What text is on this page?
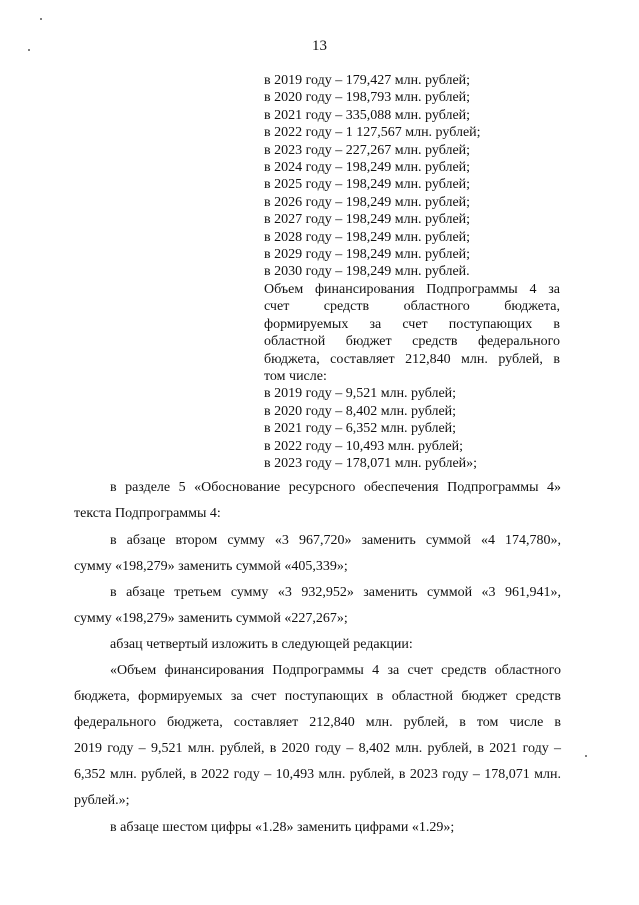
13
в 2019 году – 179,427 млн. рублей;
в 2020 году – 198,793 млн. рублей;
в 2021 году – 335,088 млн. рублей;
в 2022 году – 1 127,567 млн. рублей;
в 2023 году – 227,267 млн. рублей;
в 2024 году – 198,249 млн. рублей;
в 2025 году – 198,249 млн. рублей;
в 2026 году – 198,249 млн. рублей;
в 2027 году – 198,249 млн. рублей;
в 2028 году – 198,249 млн. рублей;
в 2029 году – 198,249 млн. рублей;
в 2030 году – 198,249 млн. рублей.
Объем финансирования Подпрограммы 4 за
счет средств областного бюджета,
формируемых за счет поступающих в
областной бюджет средств федерального
бюджета, составляет 212,840 млн. рублей, в
том числе:
в 2019 году – 9,521 млн. рублей;
в 2020 году – 8,402 млн. рублей;
в 2021 году – 6,352 млн. рублей;
в 2022 году – 10,493 млн. рублей;
в 2023 году – 178,071 млн. рублей»;
в разделе 5 «Обоснование ресурсного обеспечения Подпрограммы 4»
текста Подпрограммы 4:
в абзаце втором сумму «3 967,720» заменить суммой «4 174,780»,
сумму «198,279» заменить суммой «405,339»;
в абзаце третьем сумму «3 932,952» заменить суммой «3 961,941»,
сумму «198,279» заменить суммой «227,267»;
абзац четвертый изложить в следующей редакции:
«Объем финансирования Подпрограммы 4 за счет средств областного
бюджета, формируемых за счет поступающих в областной бюджет средств
федерального бюджета, составляет 212,840 млн. рублей, в том числе в
2019 году – 9,521 млн. рублей, в 2020 году – 8,402 млн. рублей, в 2021 году –
6,352 млн. рублей, в 2022 году – 10,493 млн. рублей, в 2023 году – 178,071 млн.
рублей.»;
в абзаце шестом цифры «1.28» заменить цифрами «1.29»;
